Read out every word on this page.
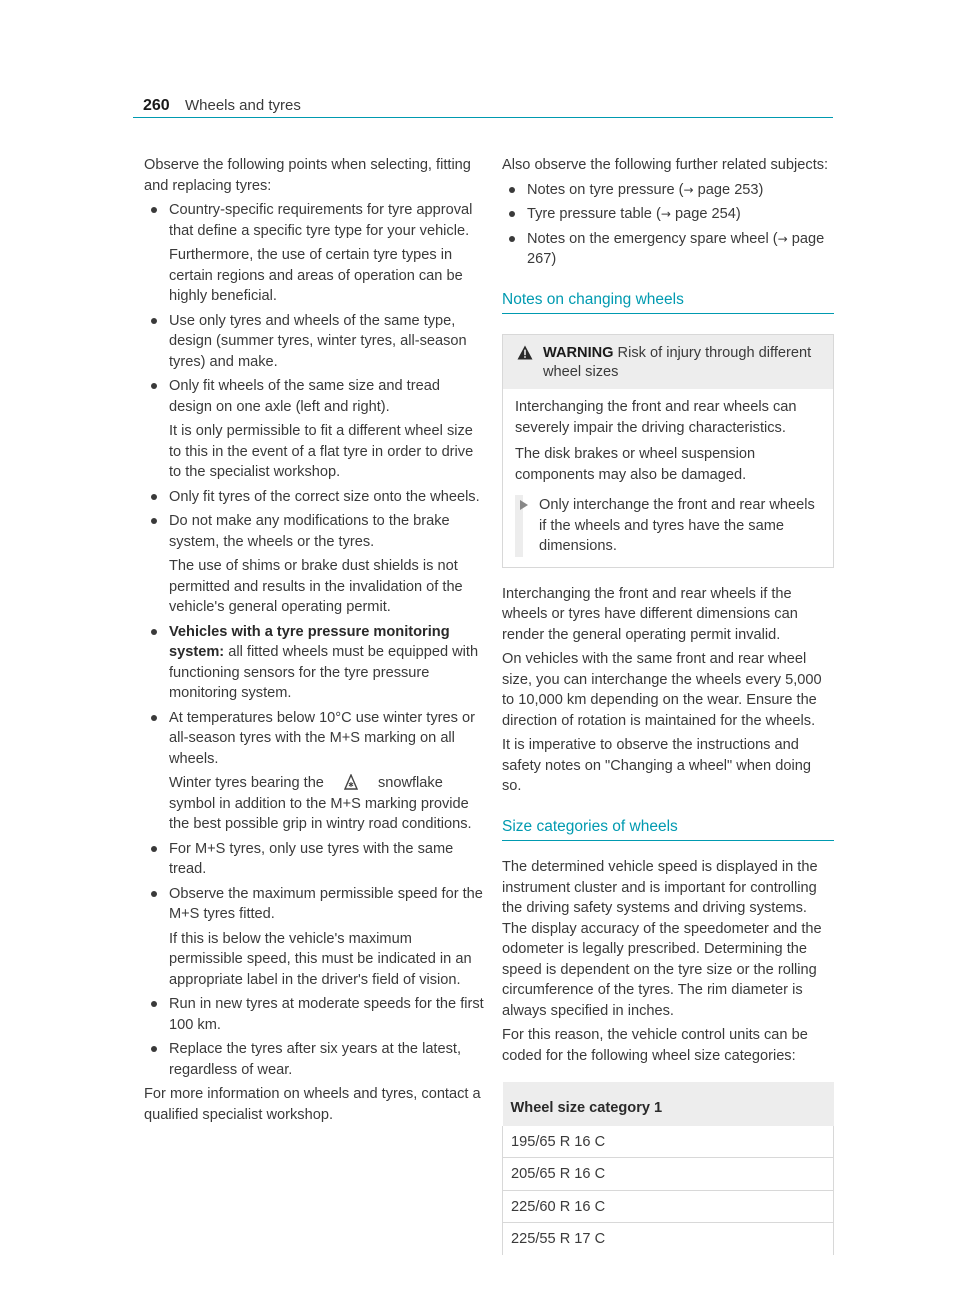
260 Wheels and tyres

Observe the following points when selecting, fitting and replacing tyres:

Country-specific requirements for tyre approval that define a specific tyre type for your vehicle.
Furthermore, the use of certain tyre types in certain regions and areas of operation can be highly beneficial.
Use only tyres and wheels of the same type, design (summer tyres, winter tyres, all-season tyres) and make.
Only fit wheels of the same size and tread design on one axle (left and right).
It is only permissible to fit a different wheel size to this in the event of a flat tyre in order to drive to the specialist workshop.
Only fit tyres of the correct size onto the wheels.
Do not make any modifications to the brake system, the wheels or the tyres.
The use of shims or brake dust shields is not permitted and results in the invalidation of the vehicle's general operating permit.
Vehicles with a tyre pressure monitoring system: all fitted wheels must be equipped with functioning sensors for the tyre pressure monitoring system.
At temperatures below 10°C use winter tyres or all-season tyres with the M+S marking on all wheels.
Winter tyres bearing the	snowflake symbol in addition to the M+S marking provide the best possible grip in wintry road conditions.
For M+S tyres, only use tyres with the same tread.
Observe the maximum permissible speed for the M+S tyres fitted.
If this is below the vehicle's maximum permissible speed, this must be indicated in an appropriate label in the driver's field of vision.
Run in new tyres at moderate speeds for the first 100 km.
Replace the tyres after six years at the latest, regardless of wear.

For more information on wheels and tyres, contact a qualified specialist workshop.

Also observe the following further related subjects:

Notes on tyre pressure (→ page 253)
Tyre pressure table (→ page 254)
Notes on the emergency spare wheel (→ page 267)
Notes on changing wheels
WARNING Risk of injury through different wheel sizes

Interchanging the front and rear wheels can severely impair the driving characteristics.

The disk brakes or wheel suspension components may also be damaged.

Only interchange the front and rear wheels if the wheels and tyres have the same dimensions.

Interchanging the front and rear wheels if the wheels or tyres have different dimensions can render the general operating permit invalid.

On vehicles with the same front and rear wheel size, you can interchange the wheels every 5,000 to 10,000 km depending on the wear. Ensure the direction of rotation is maintained for the wheels.

It is imperative to observe the instructions and safety notes on "Changing a wheel" when doing so.

Size categories of wheels

The determined vehicle speed is displayed in the instrument cluster and is important for controlling the driving safety systems and driving systems. The display accuracy of the speedometer and the odometer is legally prescribed. Determining the speed is dependent on the tyre size or the rolling circumference of the tyres. The rim diameter is always specified in inches.

For this reason, the vehicle control units can be coded for the following wheel size categories:

Wheel size category 1
195/65 R 16 C
205/65 R 16 C
225/60 R 16 C
225/55 R 17 C
